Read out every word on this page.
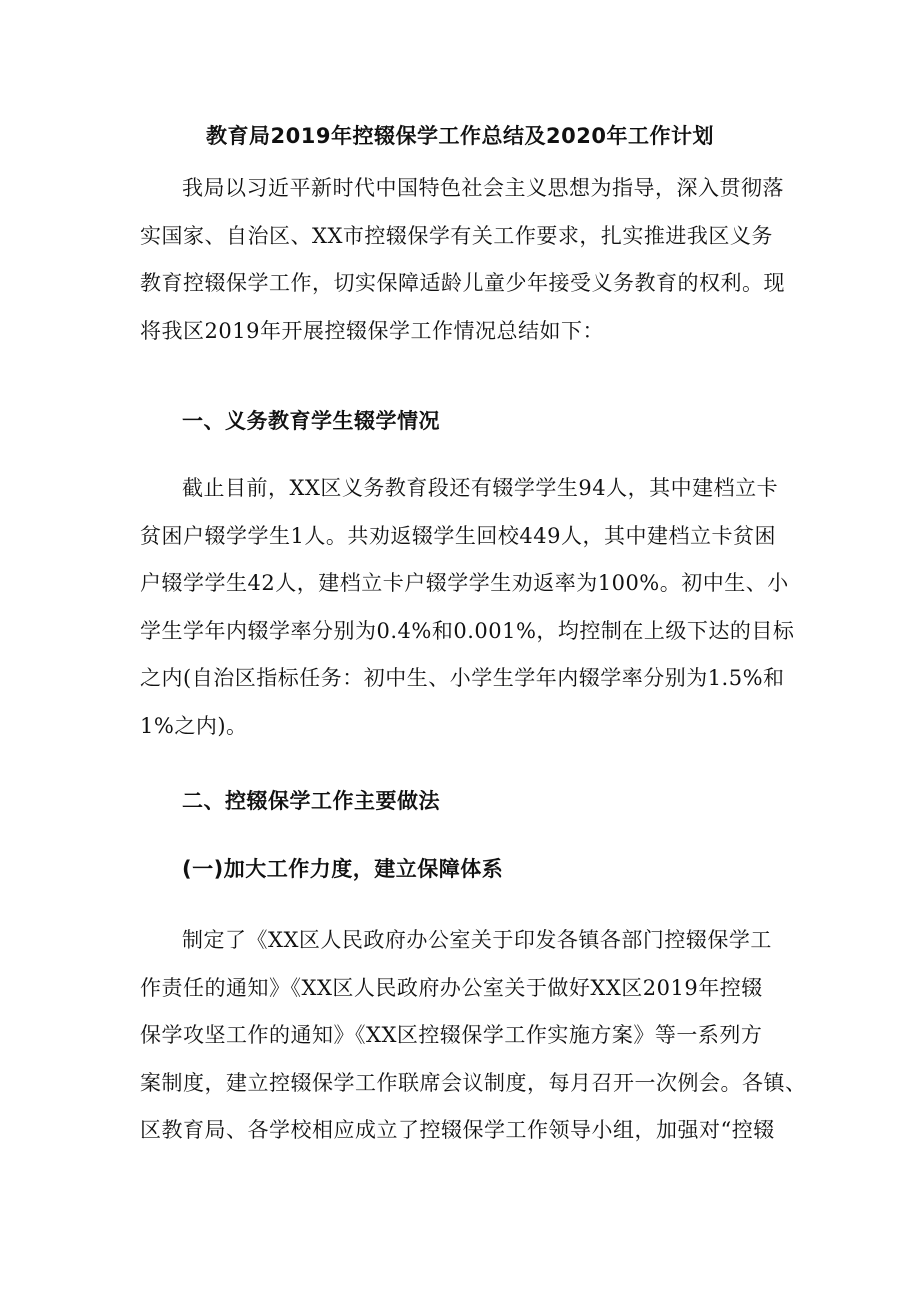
教育局2019年控辍保学工作总结及2020年工作计划
我局以习近平新时代中国特色社会主义思想为指导，深入贯彻落
实国家、自治区、XX市控辍保学有关工作要求，扎实推进我区义务
教育控辍保学工作，切实保障适龄儿童少年接受义务教育的权利。现
将我区2019年开展控辍保学工作情况总结如下：
一、义务教育学生辍学情况
截止目前，XX区义务教育段还有辍学学生94人，其中建档立卡
贫困户辍学学生1人。共劝返辍学生回校449人，其中建档立卡贫困
户辍学学生42人，建档立卡户辍学学生劝返率为100%。初中生、小
学生学年内辍学率分别为0.4%和0.001%，均控制在上级下达的目标
之内(自治区指标任务：初中生、小学生学年内辍学率分别为1.5%和
1%之内)。
二、控辍保学工作主要做法
(一)加大工作力度，建立保障体系
制定了《XX区人民政府办公室关于印发各镇各部门控辍保学工
作责任的通知》《XX区人民政府办公室关于做好XX区2019年控辍
保学攻坚工作的通知》《XX区控辍保学工作实施方案》等一系列方
案制度，建立控辍保学工作联席会议制度，每月召开一次例会。各镇、
区教育局、各学校相应成立了控辍保学工作领导小组，加强对“控辍
